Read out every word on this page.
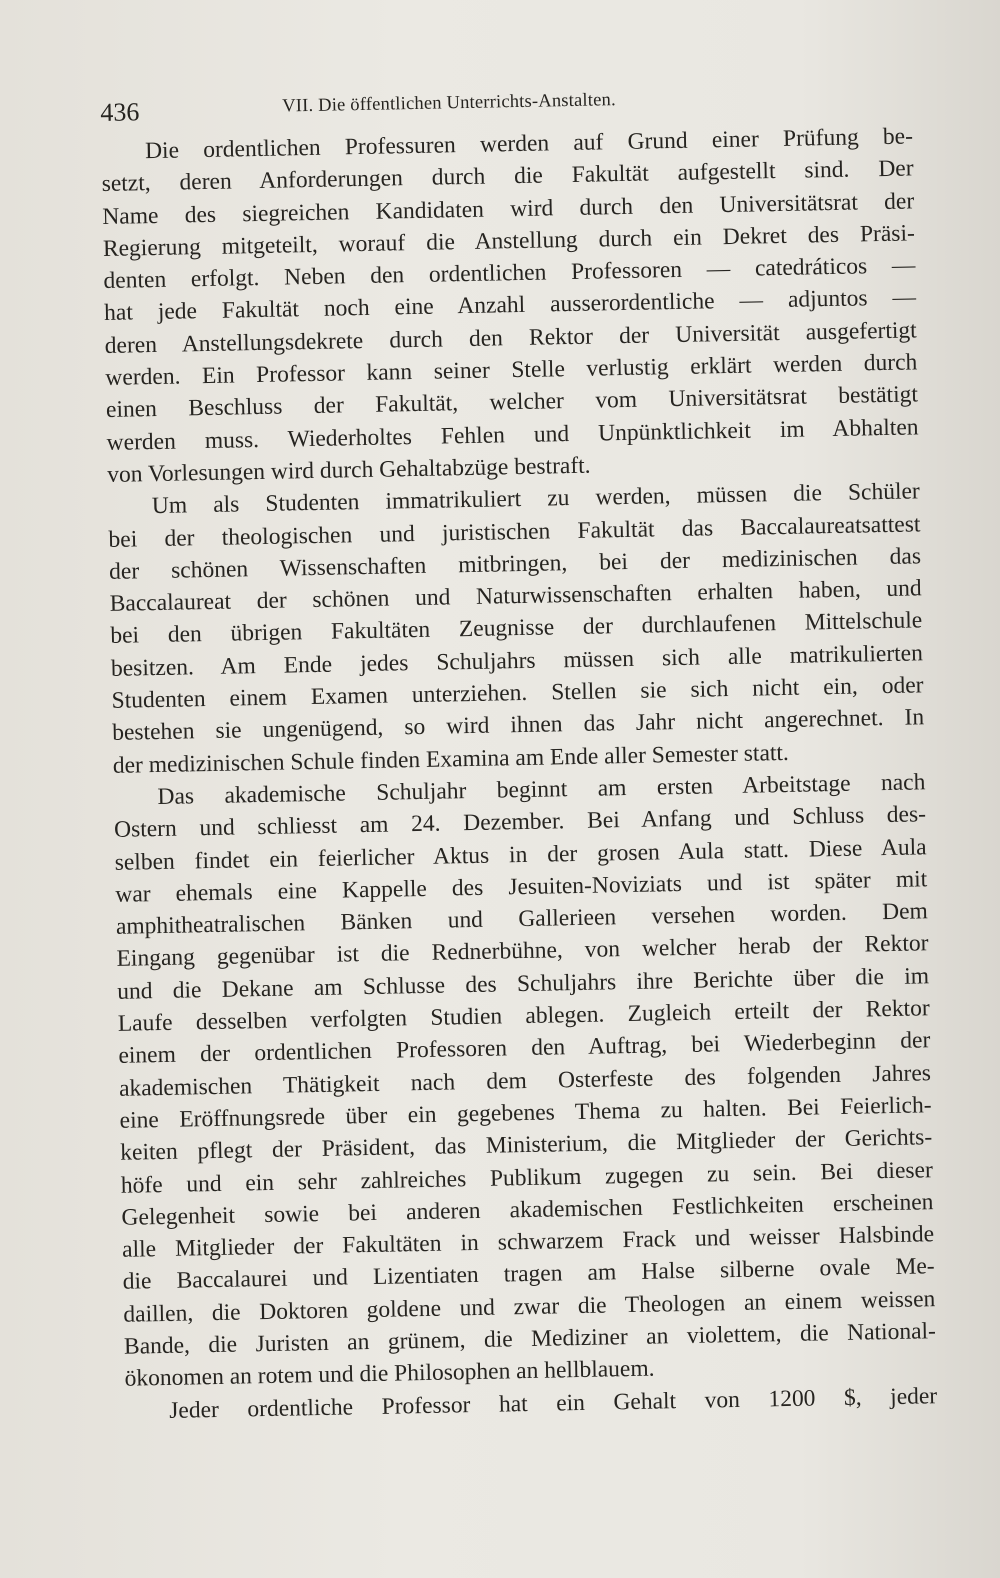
436	VII. Die öffentlichen Unterrichts-Anstalten.

Die ordentlichen Professuren werden auf Grund einer Prüfung be-
setzt, deren Anforderungen durch die Fakultät aufgestellt sind. Der
Name des siegreichen Kandidaten wird durch den Universitätsrat der
Regierung mitgeteilt, worauf die Anstellung durch ein Dekret des Präsi-
denten erfolgt. Neben den ordentlichen Professoren — catedráticos —
hat jede Fakultät noch eine Anzahl ausserordentliche — adjuntos —
deren Anstellungsdekrete durch den Rektor der Universität ausgefertigt
werden. Ein Professor kann seiner Stelle verlustig erklärt werden durch
einen Beschluss der Fakultät, welcher vom Universitätsrat bestätigt
werden muss. Wiederholtes Fehlen und Unpünktlichkeit im Abhalten
von Vorlesungen wird durch Gehaltabzüge bestraft.

Um als Studenten immatrikuliert zu werden, müssen die Schüler
bei der theologischen und juristischen Fakultät das Baccalaureatsattest
der schönen Wissenschaften mitbringen, bei der medizinischen das
Baccalaureat der schönen und Naturwissenschaften erhalten haben, und
bei den übrigen Fakultäten Zeugnisse der durchlaufenen Mittelschule
besitzen. Am Ende jedes Schuljahrs müssen sich alle matrikulierten
Studenten einem Examen unterziehen. Stellen sie sich nicht ein, oder
bestehen sie ungenügend, so wird ihnen das Jahr nicht angerechnet. In
der medizinischen Schule finden Examina am Ende aller Semester statt.

Das akademische Schuljahr beginnt am ersten Arbeitstage nach
Ostern und schliesst am 24. Dezember. Bei Anfang und Schluss des-
selben findet ein feierlicher Aktus in der grosen Aula statt. Diese Aula
war ehemals eine Kappelle des Jesuiten-Noviziats und ist später mit
amphitheatralischen Bänken und Gallerieen versehen worden. Dem
Eingang gegenübar ist die Rednerbühne, von welcher herab der Rektor
und die Dekane am Schlusse des Schuljahrs ihre Berichte über die im
Laufe desselben verfolgten Studien ablegen. Zugleich erteilt der Rektor
einem der ordentlichen Professoren den Auftrag, bei Wiederbeginn der
akademischen Thätigkeit nach dem Osterfeste des folgenden Jahres
eine Eröffnungsrede über ein gegebenes Thema zu halten. Bei Feierlich-
keiten pflegt der Präsident, das Ministerium, die Mitglieder der Gerichts-
höfe und ein sehr zahlreiches Publikum zugegen zu sein. Bei dieser
Gelegenheit sowie bei anderen akademischen Festlichkeiten erscheinen
alle Mitglieder der Fakultäten in schwarzem Frack und weisser Halsbinde
die Baccalaurei und Lizentiaten tragen am Halse silberne ovale Me-
daillen, die Doktoren goldene und zwar die Theologen an einem weissen
Bande, die Juristen an grünem, die Mediziner an violettem, die National-
ökonomen an rotem und die Philosophen an hellblauem.

Jeder ordentliche Professor hat ein Gehalt von 1200 $, jeder
